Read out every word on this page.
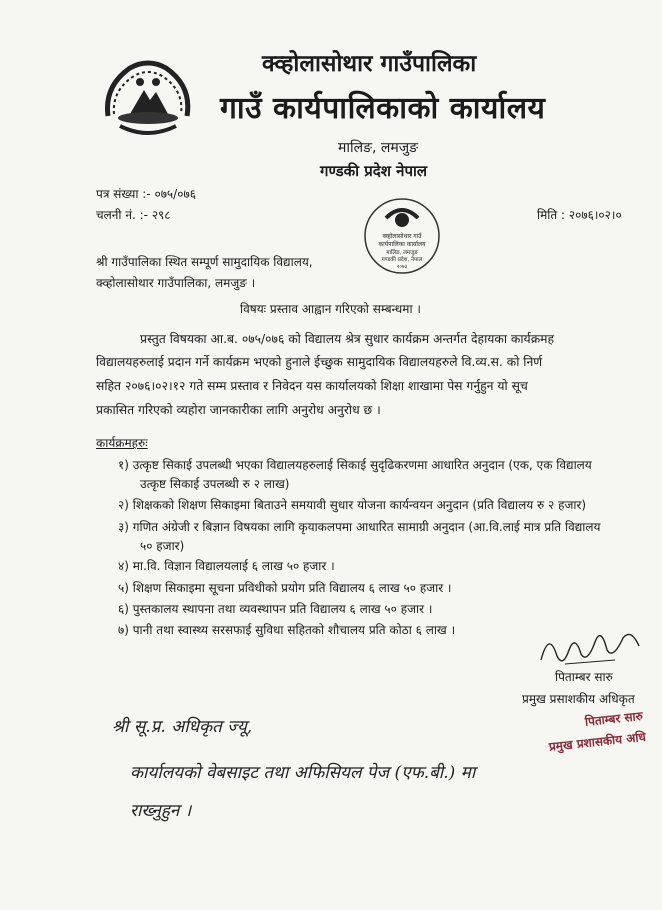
क्व्होलासोथार गाउँपालिका
गाउँ कार्यपालिकाको कार्यालय
मालिङ, लमजुङ
गण्डकी प्रदेश नेपाल
पत्र संख्या :- ०७५/०७६
चलनी नं. :- २९८	मिति : २०७६।०२।०
क्व्होलासोथार गाउँ
कार्यपालिका कार्यालय
मालिङ, लमजुङ
गण्डकी प्रदेश, नेपाल
२०७३
श्री गाउँपालिका स्थित सम्पूर्ण सामुदायिक विद्यालय,
क्व्होलासोथार गाउँपालिका, लमजुङ ।
विषयः प्रस्ताव आह्वान गरिएको सम्बन्धमा ।
प्रस्तुत विषयका आ.ब. ०७५/०७६ को विद्यालय श्रेत्र सुधार कार्यक्रम अन्तर्गत देहायका कार्यक्रमह
विद्यालयहरुलाई प्रदान गर्ने कार्यक्रम भएको हुनाले ईच्छुक सामुदायिक विद्यालयहरुले वि.व्य.स. को निर्ण
सहित २०७६।०२।१२ गते सम्म प्रस्ताव र निवेदन यस कार्यालयको शिक्षा शाखामा पेस गर्नुहुन यो सूच
प्रकासित गरिएको व्यहोरा जानकारीका लागि अनुरोध अनुरोध छ ।
कार्यक्रमहरुः
१) उत्कृष्ट सिकाई उपलब्धी भएका विद्यालयहरुलाई सिकाई सुदृढिकरणमा आधारित अनुदान (एक, एक विद्यालय
उत्कृष्ट सिकाई उपलब्धी रु २ लाख)
२) शिक्षकको शिक्षण सिकाइमा बिताउने समयावी सुधार योजना कार्यन्वयन अनुदान (प्रति विद्यालय रु २ हजार)
३) गणित अंग्रेजी र बिज्ञान विषयका लागि कृयाकलपमा आधारित सामाग्री अनुदान (आ.वि.लाई मात्र प्रति विद्यालय
५० हजार)
४) मा.वि. विज्ञान विद्यालयलाई ६ लाख ५० हजार ।
५) शिक्षण सिकाइमा सूचना प्रविधीको प्रयोग प्रति विद्यालय ६ लाख ५० हजार ।
६) पुस्तकालय स्थापना तथा व्यवस्थापन प्रति विद्यालय ६ लाख ५० हजार ।
७) पानी तथा स्वास्थ्य सरसफाई सुविधा सहितको शौचालय प्रति कोठा ६ लाख ।
पिताम्बर सारु
प्रमुख प्रसाशकीय अधिकृत
पिताम्बर सारु
प्रमुख प्रशासकीय अधि
श्री सू.प्र. अधिकृत ज्यू,
कार्यालयको वेबसाइट तथा अफिसियल पेज (एफ.बी.) मा
राख्नुहुन ।
